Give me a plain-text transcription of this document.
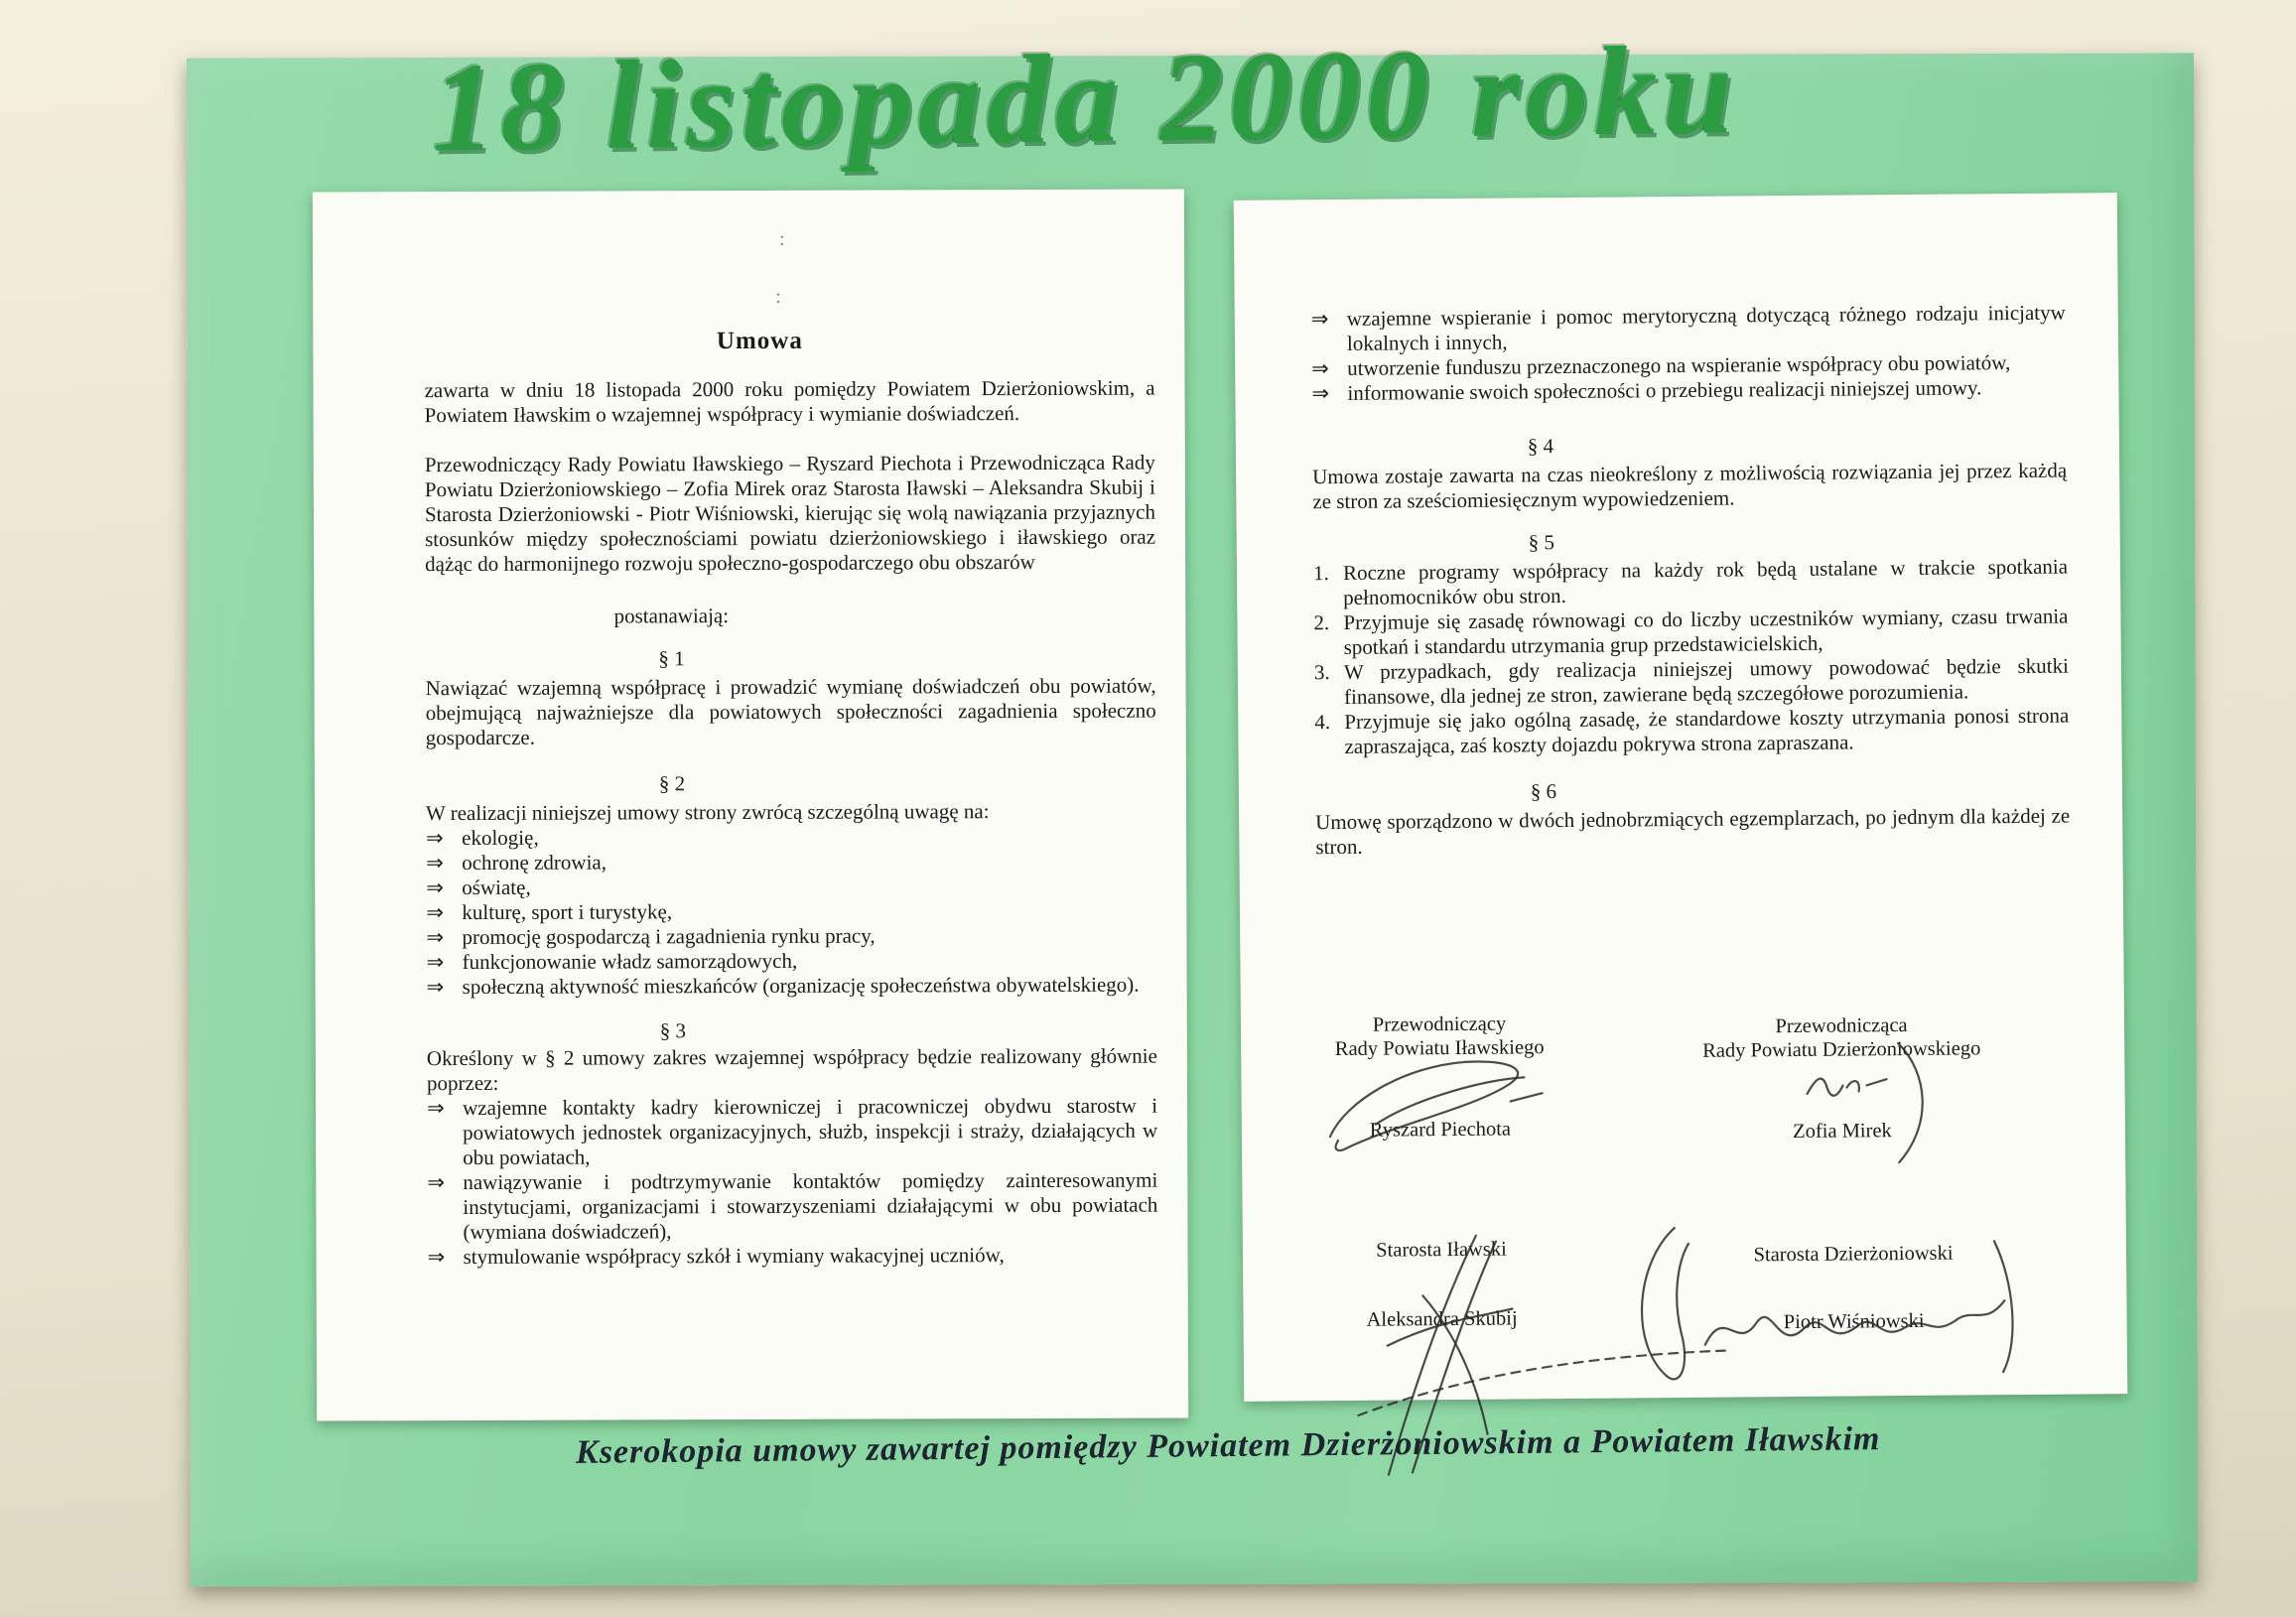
18 listopada 2000 roku
:
:
Umowa

zawarta w dniu 18 listopada 2000 roku pomiędzy Powiatem Dzierżoniowskim, a Powiatem Iławskim o wzajemnej współpracy i wymianie doświadczeń.

Przewodniczący Rady Powiatu Iławskiego – Ryszard Piechota i Przewodnicząca Rady Powiatu Dzierżoniowskiego – Zofia Mirek oraz Starosta Iławski – Aleksandra Skubij i Starosta Dzierżoniowski - Piotr Wiśniowski, kierując się wolą nawiązania przyjaznych stosunków między społecznościami powiatu dzierżoniowskiego i iławskiego oraz dążąc do harmonijnego rozwoju społeczno-gospodarczego obu obszarów

postanawiają:

§ 1

Nawiązać wzajemną współpracę i prowadzić wymianę doświadczeń obu powiatów, obejmującą najważniejsze dla powiatowych społeczności zagadnienia społeczno gospodarcze.

§ 2

W realizacji niniejszej umowy strony zwrócą szczególną uwagę na:

⇒ ekologię,
⇒ ochronę zdrowia,
⇒ oświatę,
⇒ kulturę, sport i turystykę,
⇒ promocję gospodarczą i zagadnienia rynku pracy,
⇒ funkcjonowanie władz samorządowych,
⇒ społeczną aktywność mieszkańców (organizację społeczeństwa obywatelskiego).
§ 3

Określony w § 2 umowy zakres wzajemnej współpracy będzie realizowany głównie poprzez:

⇒ wzajemne kontakty kadry kierowniczej i pracowniczej obydwu starostw i powiatowych jednostek organizacyjnych, służb, inspekcji i straży, działających w obu powiatach,
⇒ nawiązywanie i podtrzymywanie kontaktów pomiędzy zainteresowanymi instytucjami, organizacjami i stowarzyszeniami działającymi w obu powiatach (wymiana doświadczeń),
⇒ stymulowanie współpracy szkół i wymiany wakacyjnej uczniów,
⇒ wzajemne wspieranie i pomoc merytoryczną dotyczącą różnego rodzaju inicjatyw lokalnych i innych,
⇒ utworzenie funduszu przeznaczonego na wspieranie współpracy obu powiatów,
⇒ informowanie swoich społeczności o przebiegu realizacji niniejszej umowy.
§ 4

Umowa zostaje zawarta na czas nieokreślony z możliwością rozwiązania jej przez każdą ze stron za sześciomiesięcznym wypowiedzeniem.

§ 5
1. Roczne programy współpracy na każdy rok będą ustalane w trakcie spotkania pełnomocników obu stron.
2. Przyjmuje się zasadę równowagi co do liczby uczestników wymiany, czasu trwania spotkań i standardu utrzymania grup przedstawicielskich,
3. W przypadkach, gdy realizacja niniejszej umowy powodować będzie skutki finansowe, dla jednej ze stron, zawierane będą szczegółowe porozumienia.
4. Przyjmuje się jako ogólną zasadę, że standardowe koszty utrzymania ponosi strona zapraszająca, zaś koszty dojazdu pokrywa strona zapraszana.
§ 6

Umowę sporządzono w dwóch jednobrzmiących egzemplarzach, po jednym dla każdej ze stron.

Przewodniczący
Rady Powiatu Iławskiego
Ryszard Piechota
Przewodnicząca
Rady Powiatu Dzierżoniowskiego
Zofia Mirek
Starosta Iławski
Aleksandra Skubij
Starosta Dzierżoniowski
Piotr Wiśniowski
Kserokopia umowy zawartej pomiędzy Powiatem Dzierżoniowskim a Powiatem Iławskim
